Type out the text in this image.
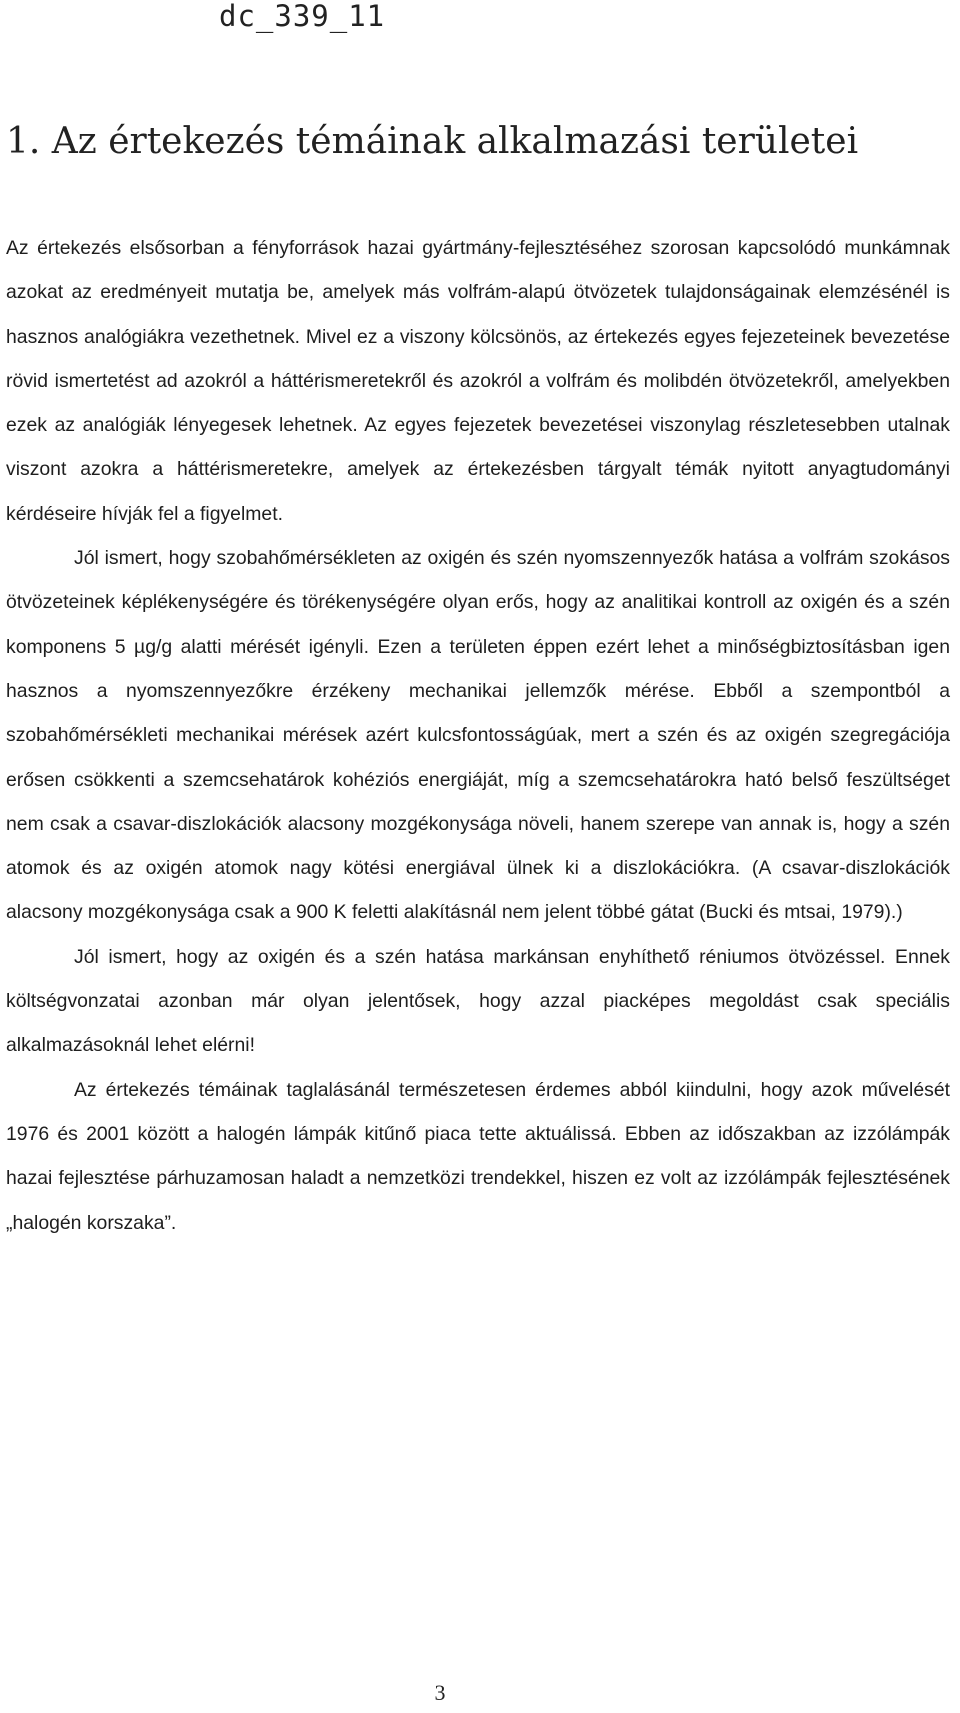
dc_339_11
1. Az értekezés témáinak alkalmazási területei

Az értekezés elsősorban a fényforrások hazai gyártmány-fejlesztéséhez szorosan kapcsolódó munkámnak azokat az eredményeit mutatja be, amelyek más volfrám-alapú ötvözetek tulajdonságainak elemzésénél is hasznos analógiákra vezethetnek. Mivel ez a viszony kölcsönös, az értekezés egyes fejezeteinek bevezetése rövid ismertetést ad azokról a háttérismeretekről és azokról a volfrám és molibdén ötvözetekről, amelyekben ezek az analógiák lényegesek lehetnek. Az egyes fejezetek bevezetései viszonylag részletesebben utalnak viszont azokra a háttérismeretekre, amelyek az értekezésben tárgyalt témák nyitott anyagtudományi kérdéseire hívják fel a figyelmet.

Jól ismert, hogy szobahőmérsékleten az oxigén és szén nyomszennyezők hatása a volfrám szokásos ötvözeteinek képlékenységére és törékenységére olyan erős, hogy az analitikai kontroll az oxigén és a szén komponens 5 µg/g alatti mérését igényli. Ezen a területen éppen ezért lehet a minőségbiztosításban igen hasznos a nyomszennyezőkre érzékeny mechanikai jellemzők mérése. Ebből a szempontból a szobahőmérsékleti mechanikai mérések azért kulcsfontosságúak, mert a szén és az oxigén szegregációja erősen csökkenti a szemcsehatárok kohéziós energiáját, míg a szemcsehatárokra ható belső feszültséget nem csak a csavar-diszlokációk alacsony mozgékonysága növeli, hanem szerepe van annak is, hogy a szén atomok és az oxigén atomok nagy kötési energiával ülnek ki a diszlokációkra. (A csavar-diszlokációk alacsony mozgékonysága csak a 900 K feletti alakításnál nem jelent többé gátat (Bucki és mtsai, 1979).)

Jól ismert, hogy az oxigén és a szén hatása markánsan enyhíthető réniumos ötvözéssel. Ennek költségvonzatai azonban már olyan jelentősek, hogy azzal piacképes megoldást csak speciális alkalmazásoknál lehet elérni!

Az értekezés témáinak taglalásánál természetesen érdemes abból kiindulni, hogy azok művelését 1976 és 2001 között a halogén lámpák kitűnő piaca tette aktuálissá. Ebben az időszakban az izzólámpák hazai fejlesztése párhuzamosan haladt a nemzetközi trendekkel, hiszen ez volt az izzólámpák fejlesztésének „halogén korszaka”.

3
